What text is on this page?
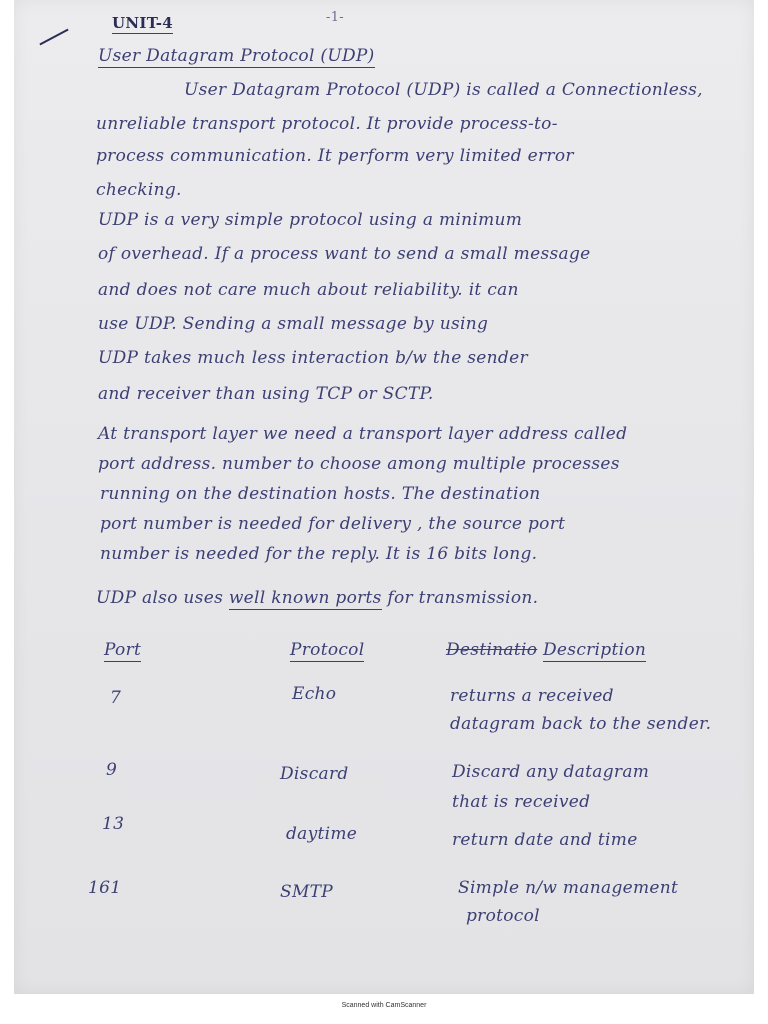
UNIT-4	-1-
User Datagram Protocol (UDP)
User Datagram Protocol (UDP) is called a Connectionless,
unreliable transport protocol. It provide process-to-
process communication. It perform very limited error
checking.
UDP is a very simple protocol using a minimum
of overhead. If a process want to send a small message
and does not care much about reliability. it can
use UDP. Sending a small message by using
UDP takes much less interaction b/w the sender
and receiver than using TCP or SCTP.
At transport layer we need a transport layer address called
port address. number to choose among multiple processes
running on the destination hosts. The destination
port number is needed for delivery , the source port
number is needed for the reply. It is 16 bits long.
UDP also uses well known ports for transmission.
Port	Protocol	Destinatio Description
7	Echo	returns a received
datagram back to the sender.
9	Discard	Discard any datagram
that is received
13	daytime	return date and time
161	SMTP	Simple n/w management
protocol
Scanned with CamScanner
